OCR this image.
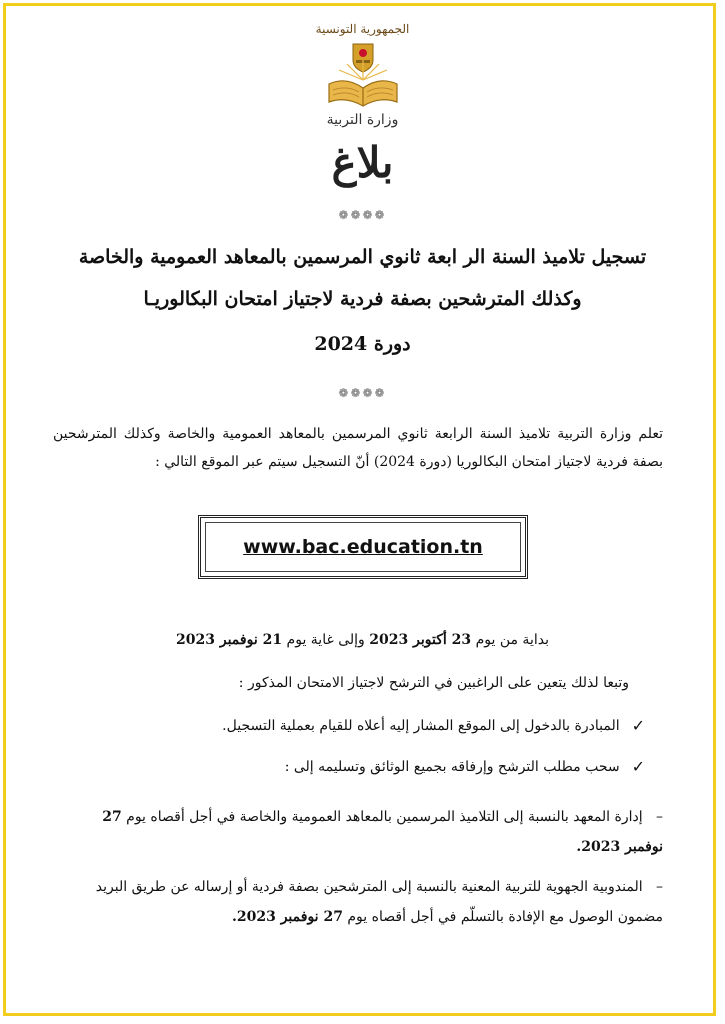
الجمهورية التونسية
وزارة التربية
بلاغ
❁❁❁❁
تسجيل تلاميذ السنة الر ابعة ثانوي المرسمين بالمعاهد العمومية والخاصة
وكذلك المترشحين بصفة فردية لاجتياز امتحان البكالوريـا
دورة 2024
❁❁❁❁
تعلم وزارة التربية تلاميذ السنة الرابعة ثانوي المرسمين بالمعاهد العمومية والخاصة وكذلك المترشحين بصفة فردية لاجتياز امتحان البكالوريا (دورة 2024) أنّ التسجيل سيتم عبر الموقع التالي :
www.bac.education.tn
بداية من يوم 23 أكتوبر 2023 وإلى غاية يوم 21 نوفمبر 2023
وتبعا لذلك يتعين على الراغبين في الترشح لاجتياز الامتحان المذكور :
✓
المبادرة بالدخول إلى الموقع المشار إليه أعلاه للقيام بعملية التسجيل.
✓
سحب مطلب الترشح وإرفاقه بجميع الوثائق وتسليمه إلى :
–   إدارة المعهد بالنسبة إلى التلاميذ المرسمين بالمعاهد العمومية والخاصة في أجل أقصاه يوم 27 نوفمبر 2023.
–   المندوبية الجهوية للتربية المعنية بالنسبة إلى المترشحين بصفة فردية أو إرساله عن طريق البريد مضمون الوصول مع الإفادة بالتسلّم في أجل أقصاه يوم 27 نوفمبر 2023.
